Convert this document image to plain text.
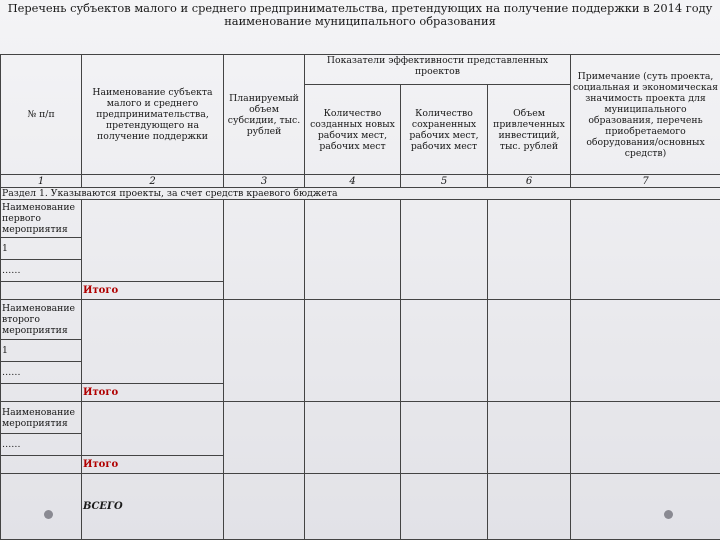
Перечень субъектов малого и среднего предпринимательства, претендующих на получение поддержки в 2014 году
наименование муниципального образования
№ п/п	Наименование субъекта малого и среднего предпринимательства, претендующего на получение поддержки	Планируемый объем субсидии, тыс. рублей	Показатели эффективности представленных проектов			Примечание (суть проекта, социальная и экономическая значимость проекта для муниципального образования, перечень приобретаемого оборудования/основных средств)
			Количество созданных новых рабочих мест, рабочих мест	Количество сохраненных рабочих мест, рабочих мест	Объем привлеченных инвестиций, тыс. рублей	
1	2	3	4	5	6	7
Раздел 1. Указываются проекты, за счет средств краевого бюджета						
Наименование первого мероприятия						
1						
……						
	Итого					
Наименование второго мероприятия						
1						
……						
	Итого					
Наименование мероприятия						
……						
	Итого					
	ВСЕГО					
